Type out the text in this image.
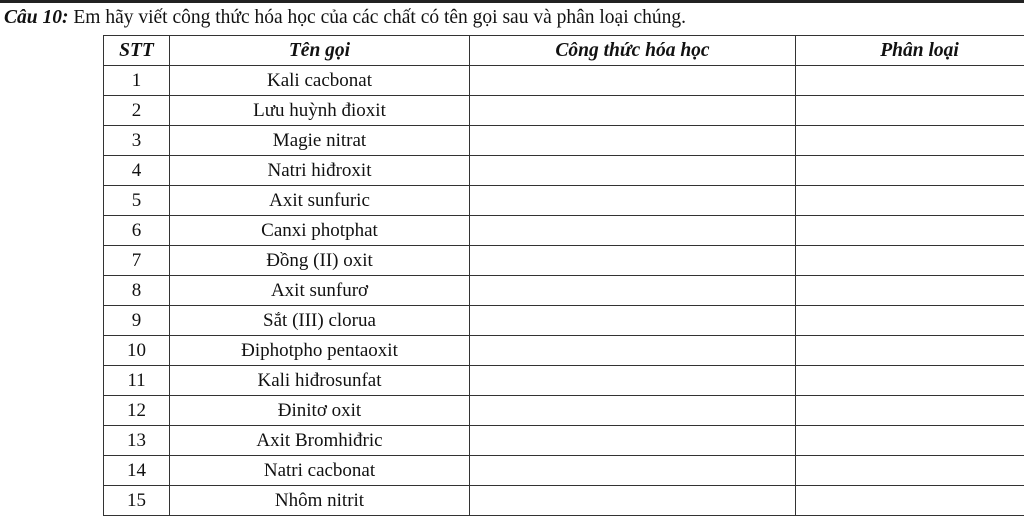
Câu 10: Em hãy viết công thức hóa học của các chất có tên gọi sau và phân loại chúng.
STT	Tên gọi	Công thức hóa học	Phân loại
1	Kali cacbonat		
2	Lưu huỳnh đioxit		
3	Magie nitrat		
4	Natri hiđroxit		
5	Axit sunfuric		
6	Canxi photphat		
7	Đồng (II) oxit		
8	Axit sunfurơ		
9	Sắt (III) clorua		
10	Điphotpho pentaoxit		
11	Kali hiđrosunfat		
12	Đinitơ oxit		
13	Axit Bromhiđric		
14	Natri cacbonat		
15	Nhôm nitrit		
